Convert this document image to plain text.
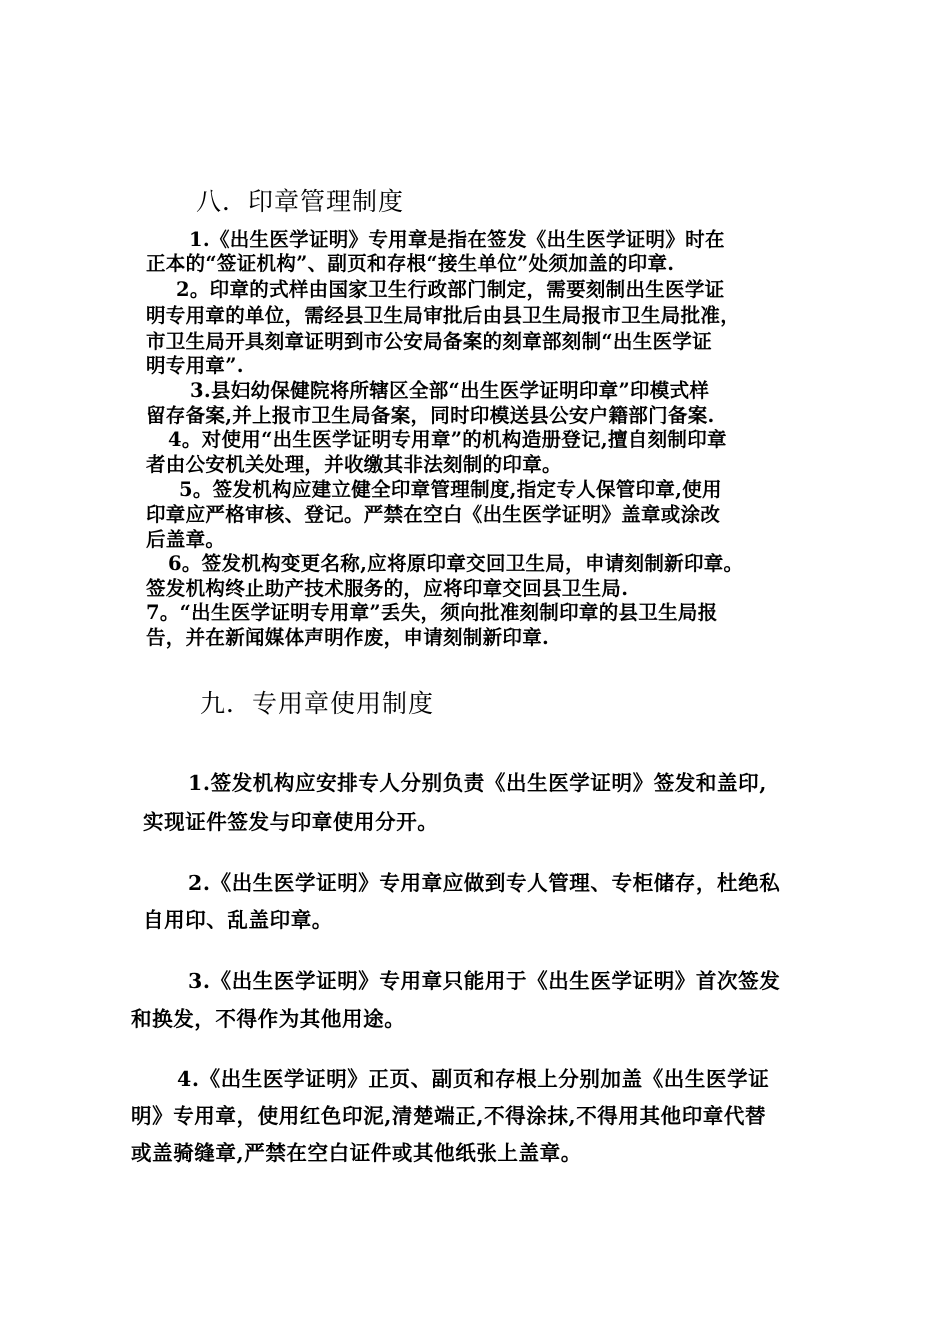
八．印章管理制度

1.《出生医学证明》专用章是指在签发《出生医学证明》时在

正本的“签证机构”、副页和存根“接生单位”处须加盖的印章.

2。印章的式样由国家卫生行政部门制定，需要刻制出生医学证

明专用章的单位，需经县卫生局审批后由县卫生局报市卫生局批准，

市卫生局开具刻章证明到市公安局备案的刻章部刻制“出生医学证

明专用章”.

3.县妇幼保健院将所辖区全部“出生医学证明印章”印模式样

留存备案,并上报市卫生局备案，同时印模送县公安户籍部门备案.

4。对使用“出生医学证明专用章”的机构造册登记,擅自刻制印章

者由公安机关处理，并收缴其非法刻制的印章。

5。签发机构应建立健全印章管理制度,指定专人保管印章,使用

印章应严格审核、登记。严禁在空白《出生医学证明》盖章或涂改

后盖章。

6。签发机构变更名称,应将原印章交回卫生局，申请刻制新印章。

签发机构终止助产技术服务的，应将印章交回县卫生局.

7。“出生医学证明专用章”丢失，须向批准刻制印章的县卫生局报

告，并在新闻媒体声明作废，申请刻制新印章.

九．专用章使用制度

1.签发机构应安排专人分别负责《出生医学证明》签发和盖印,

实现证件签发与印章使用分开。

2.《出生医学证明》专用章应做到专人管理、专柜储存，杜绝私

自用印、乱盖印章。

3.《出生医学证明》专用章只能用于《出生医学证明》首次签发

和换发，不得作为其他用途。

4.《出生医学证明》正页、副页和存根上分别加盖《出生医学证

明》专用章，使用红色印泥,清楚端正,不得涂抹,不得用其他印章代替

或盖骑缝章,严禁在空白证件或其他纸张上盖章。
